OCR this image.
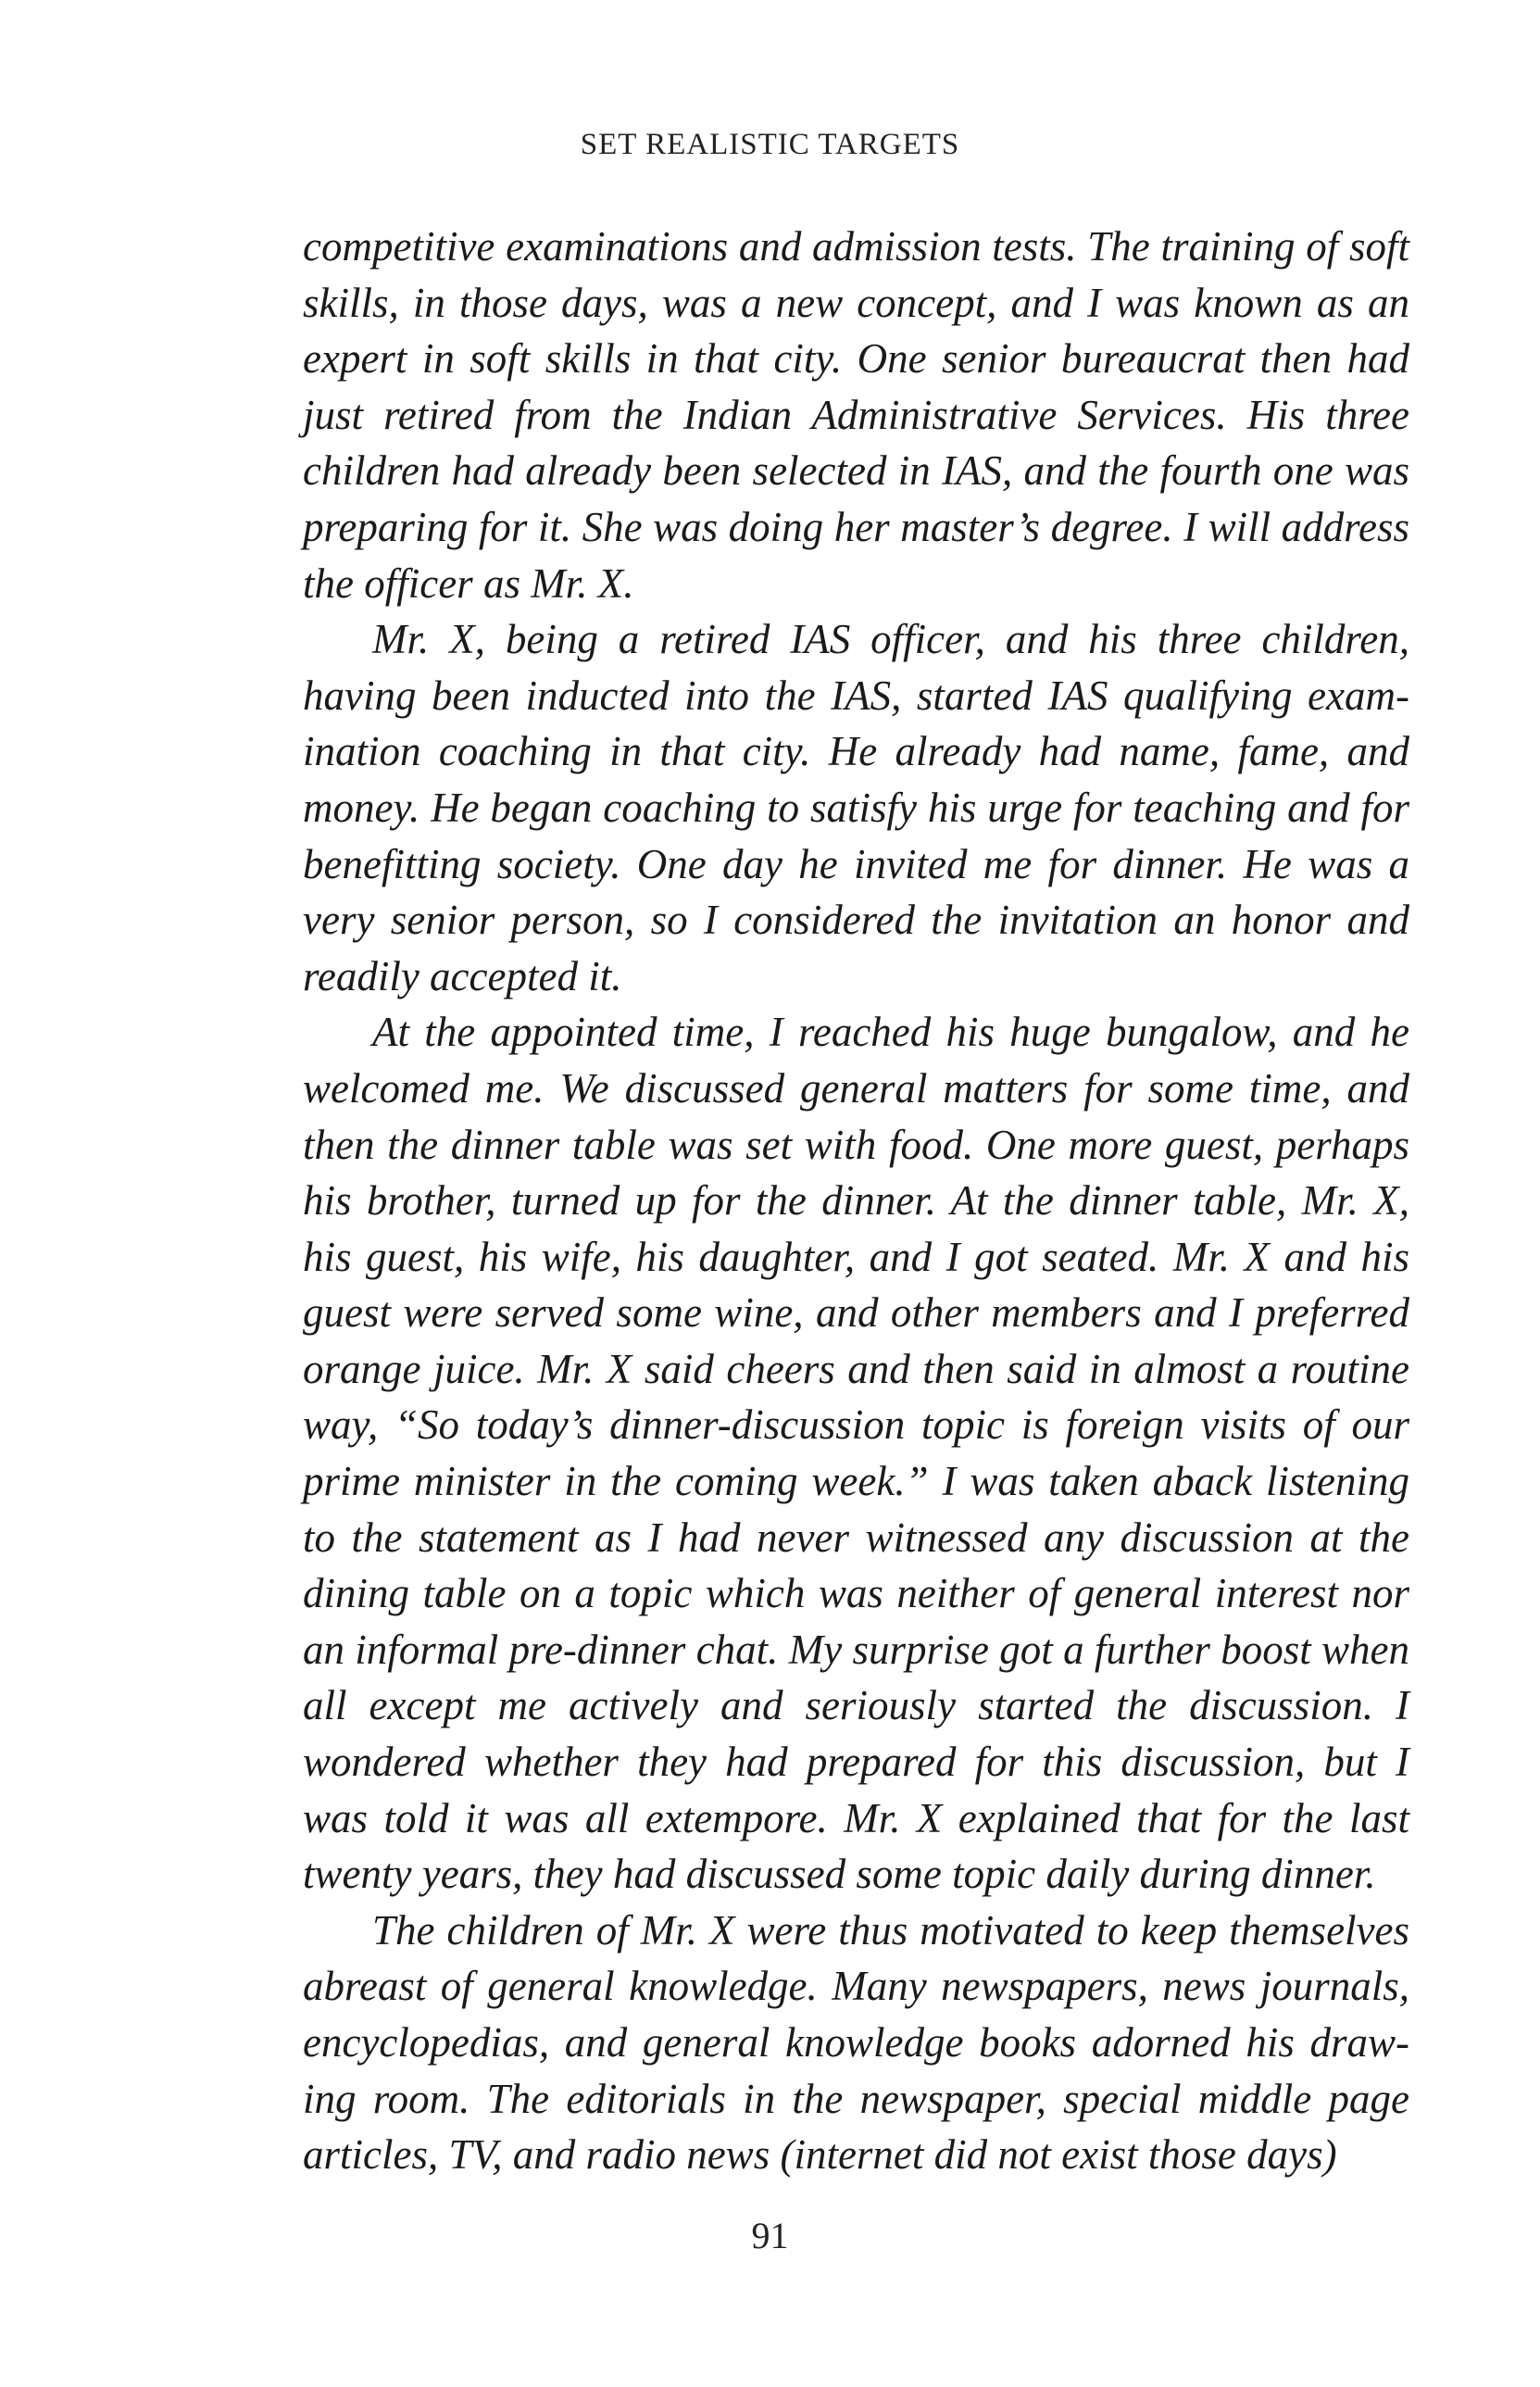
SET REALISTIC TARGETS

competitive examinations and admission tests. The training of soft skills, in those days, was a new concept, and I was known as an expert in soft skills in that city. One senior bureaucrat then had just retired from the Indian Administrative Services. His three children had already been selected in IAS, and the fourth one was preparing for it. She was doing her master’s degree. I will address the officer as Mr. X.

Mr. X, being a retired IAS officer, and his three children, having been inducted into the IAS, started IAS qualifying examination coaching in that city. He already had name, fame, and money. He began coaching to satisfy his urge for teaching and for benefitting society. One day he invited me for dinner. He was a very senior person, so I considered the invitation an honor and readily accepted it.

At the appointed time, I reached his huge bungalow, and he welcomed me. We discussed general matters for some time, and then the dinner table was set with food. One more guest, perhaps his brother, turned up for the dinner. At the dinner table, Mr. X, his guest, his wife, his daughter, and I got seated. Mr. X and his guest were served some wine, and other members and I preferred orange juice. Mr. X said cheers and then said in almost a routine way, “So today’s dinner-discussion topic is foreign visits of our prime minister in the coming week.” I was taken aback listening to the statement as I had never witnessed any discussion at the dining table on a topic which was neither of general interest nor an informal pre-dinner chat. My surprise got a further boost when all except me actively and seriously started the discussion. I wondered whether they had prepared for this discussion, but I was told it was all extempore. Mr. X explained that for the last twenty years, they had discussed some topic daily during dinner.

The children of Mr. X were thus motivated to keep themselves abreast of general knowledge. Many newspapers, news journals, encyclopedias, and general knowledge books adorned his drawing room. The editorials in the newspaper, special middle page articles, TV, and radio news (internet did not exist those days)

91
